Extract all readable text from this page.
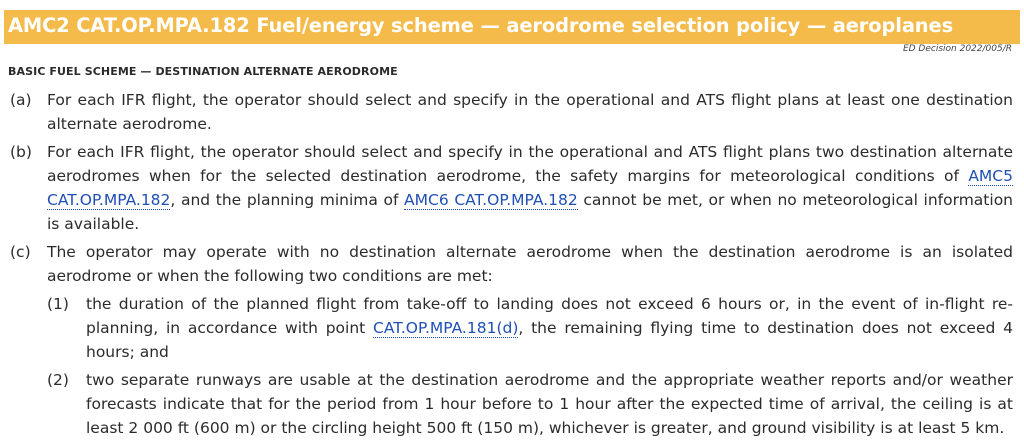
AMC2 CAT.OP.MPA.182 Fuel/energy scheme — aerodrome selection policy — aeroplanes
ED Decision 2022/005/R
BASIC FUEL SCHEME — DESTINATION ALTERNATE AERODROME
(a) For each IFR flight, the operator should select and specify in the operational and ATS flight plans at least one destination alternate aerodrome.
(b) For each IFR flight, the operator should select and specify in the operational and ATS flight plans two destination alternate aerodromes when for the selected destination aerodrome, the safety margins for meteorological conditions of AMC5 CAT.OP.MPA.182, and the planning minima of AMC6 CAT.OP.MPA.182 cannot be met, or when no meteorological information is available.
(c) The operator may operate with no destination alternate aerodrome when the destination aerodrome is an isolated aerodrome or when the following two conditions are met:
(1) the duration of the planned flight from take-off to landing does not exceed 6 hours or, in the event of in-flight re-planning, in accordance with point CAT.OP.MPA.181(d), the remaining flying time to destination does not exceed 4 hours; and
(2) two separate runways are usable at the destination aerodrome and the appropriate weather reports and/or weather forecasts indicate that for the period from 1 hour before to 1 hour after the expected time of arrival, the ceiling is at least 2 000 ft (600 m) or the circling height 500 ft (150 m), whichever is greater, and ground visibility is at least 5 km.
